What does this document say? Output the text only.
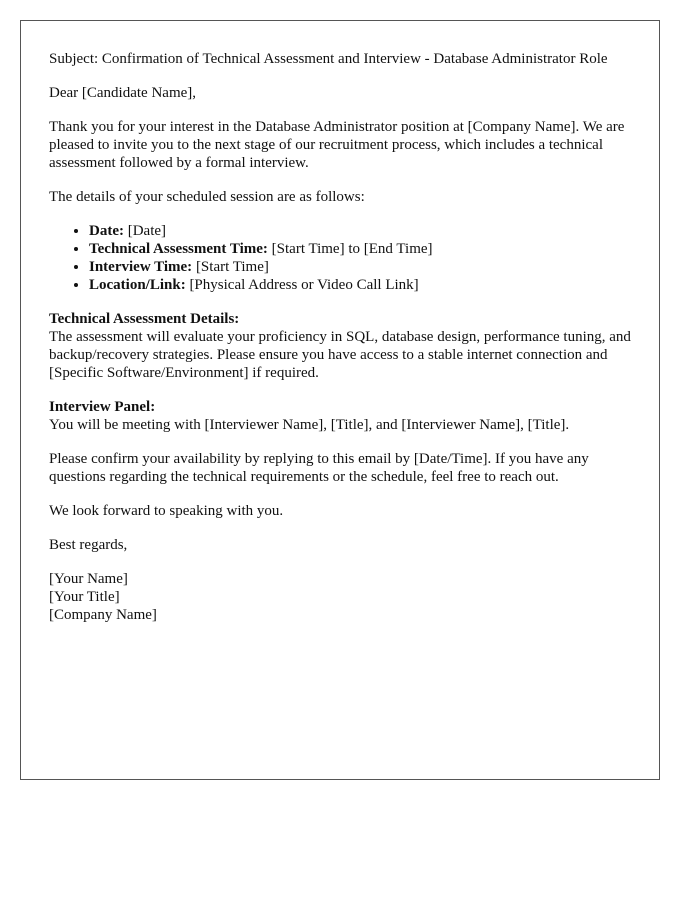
Subject: Confirmation of Technical Assessment and Interview - Database Administrator Role

Dear [Candidate Name],

Thank you for your interest in the Database Administrator position at [Company Name]. We are pleased to invite you to the next stage of our recruitment process, which includes a technical assessment followed by a formal interview.

The details of your scheduled session are as follows:

• Date: [Date]
• Technical Assessment Time: [Start Time] to [End Time]
• Interview Time: [Start Time]
• Location/Link: [Physical Address or Video Call Link]

Technical Assessment Details:
The assessment will evaluate your proficiency in SQL, database design, performance tuning, and backup/recovery strategies. Please ensure you have access to a stable internet connection and [Specific Software/Environment] if required.

Interview Panel:
You will be meeting with [Interviewer Name], [Title], and [Interviewer Name], [Title].

Please confirm your availability by replying to this email by [Date/Time]. If you have any questions regarding the technical requirements or the schedule, feel free to reach out.

We look forward to speaking with you.

Best regards,

[Your Name]
[Your Title]
[Company Name]
